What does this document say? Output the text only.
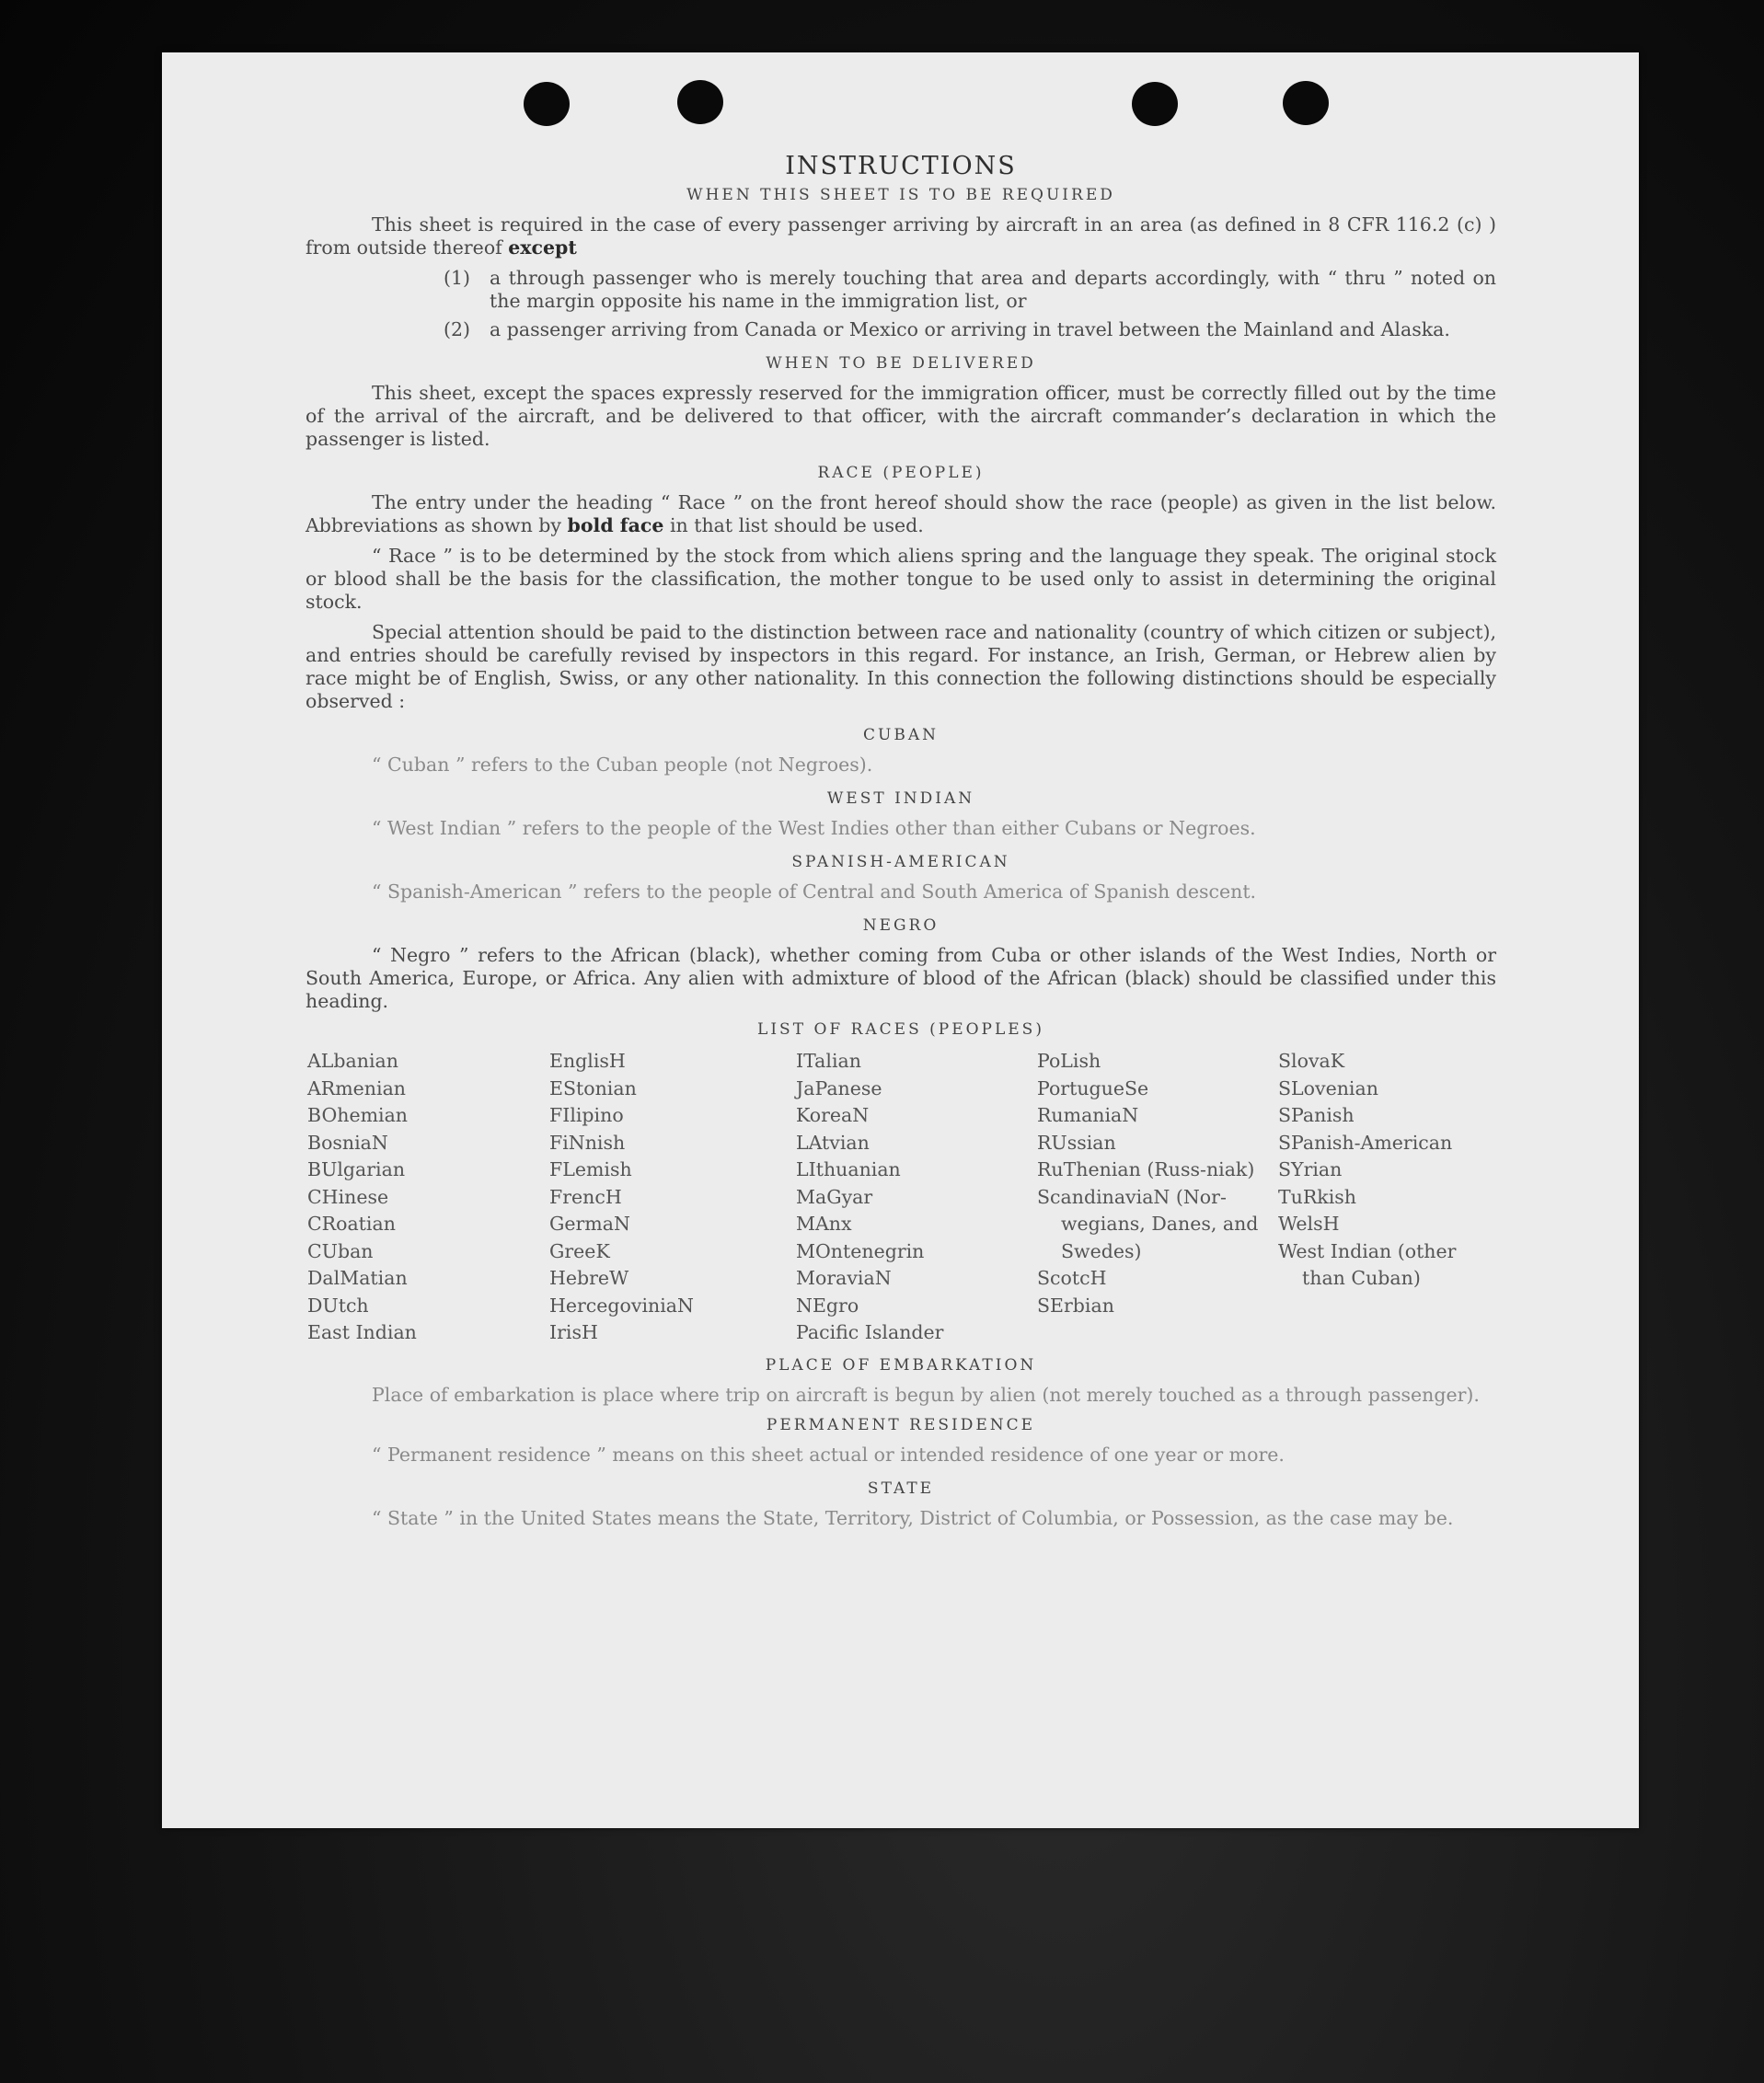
INSTRUCTIONS
WHEN THIS SHEET IS TO BE REQUIRED

This sheet is required in the case of every passenger arriving by aircraft in an area (as defined in 8 CFR 116.2 (c) ) from outside thereof except

(1)	a through passenger who is merely touching that area and departs accordingly, with “ thru ” noted on the margin opposite his name in the immigration list, or
(2)	a passenger arriving from Canada or Mexico or arriving in travel between the Mainland and Alaska.
WHEN TO BE DELIVERED

This sheet, except the spaces expressly reserved for the immigration officer, must be correctly filled out by the time of the arrival of the aircraft, and be delivered to that officer, with the aircraft commander’s declaration in which the passenger is listed.

RACE (PEOPLE)

The entry under the heading “ Race ” on the front hereof should show the race (people) as given in the list below. Abbreviations as shown by bold face in that list should be used.

“ Race ” is to be determined by the stock from which aliens spring and the language they speak. The original stock or blood shall be the basis for the classification, the mother tongue to be used only to assist in determining the original stock.

Special attention should be paid to the distinction between race and nationality (country of which citizen or subject), and entries should be carefully revised by inspectors in this regard. For instance, an Irish, German, or Hebrew alien by race might be of English, Swiss, or any other nationality. In this connection the following distinctions should be especially observed :

CUBAN

“ Cuban ” refers to the Cuban people (not Negroes).

WEST INDIAN

“ West Indian ” refers to the people of the West Indies other than either Cubans or Negroes.

SPANISH-AMERICAN

“ Spanish-American ” refers to the people of Central and South America of Spanish descent.

NEGRO

“ Negro ” refers to the African (black), whether coming from Cuba or other islands of the West Indies, North or South America, Europe, or Africa. Any alien with admixture of blood of the African (black) should be classified under this heading.

LIST OF RACES (PEOPLES)
ALbanian
ARmenian
BOhemian
BosniaN
BUlgarian
CHinese
CRoatian
CUban
DalMatian
DUtch
East Indian
EnglisH
EStonian
FIlipino
FiNnish
FLemish
FrencH
GermaN
GreeK
HebreW
HercegoviniaN
IrisH
ITalian
JaPanese
KoreaN
LAtvian
LIthuanian
MaGyar
MAnx
MOntenegrin
MoraviaN
NEgro
Pacific Islander
PoLish
PortugueSe
RumaniaN
RUssian
RuThenian (Russ-niak)
ScandinaviaN (Nor-wegians, Danes, and Swedes)
ScotcH
SErbian
SlovaK
SLovenian
SPanish
SPanish-American
SYrian
TuRkish
WelsH
West Indian (other than Cuban)
PLACE OF EMBARKATION

Place of embarkation is place where trip on aircraft is begun by alien (not merely touched as a through passenger).

PERMANENT RESIDENCE

“ Permanent residence ” means on this sheet actual or intended residence of one year or more.

STATE

“ State ” in the United States means the State, Territory, District of Columbia, or Possession, as the case may be.
